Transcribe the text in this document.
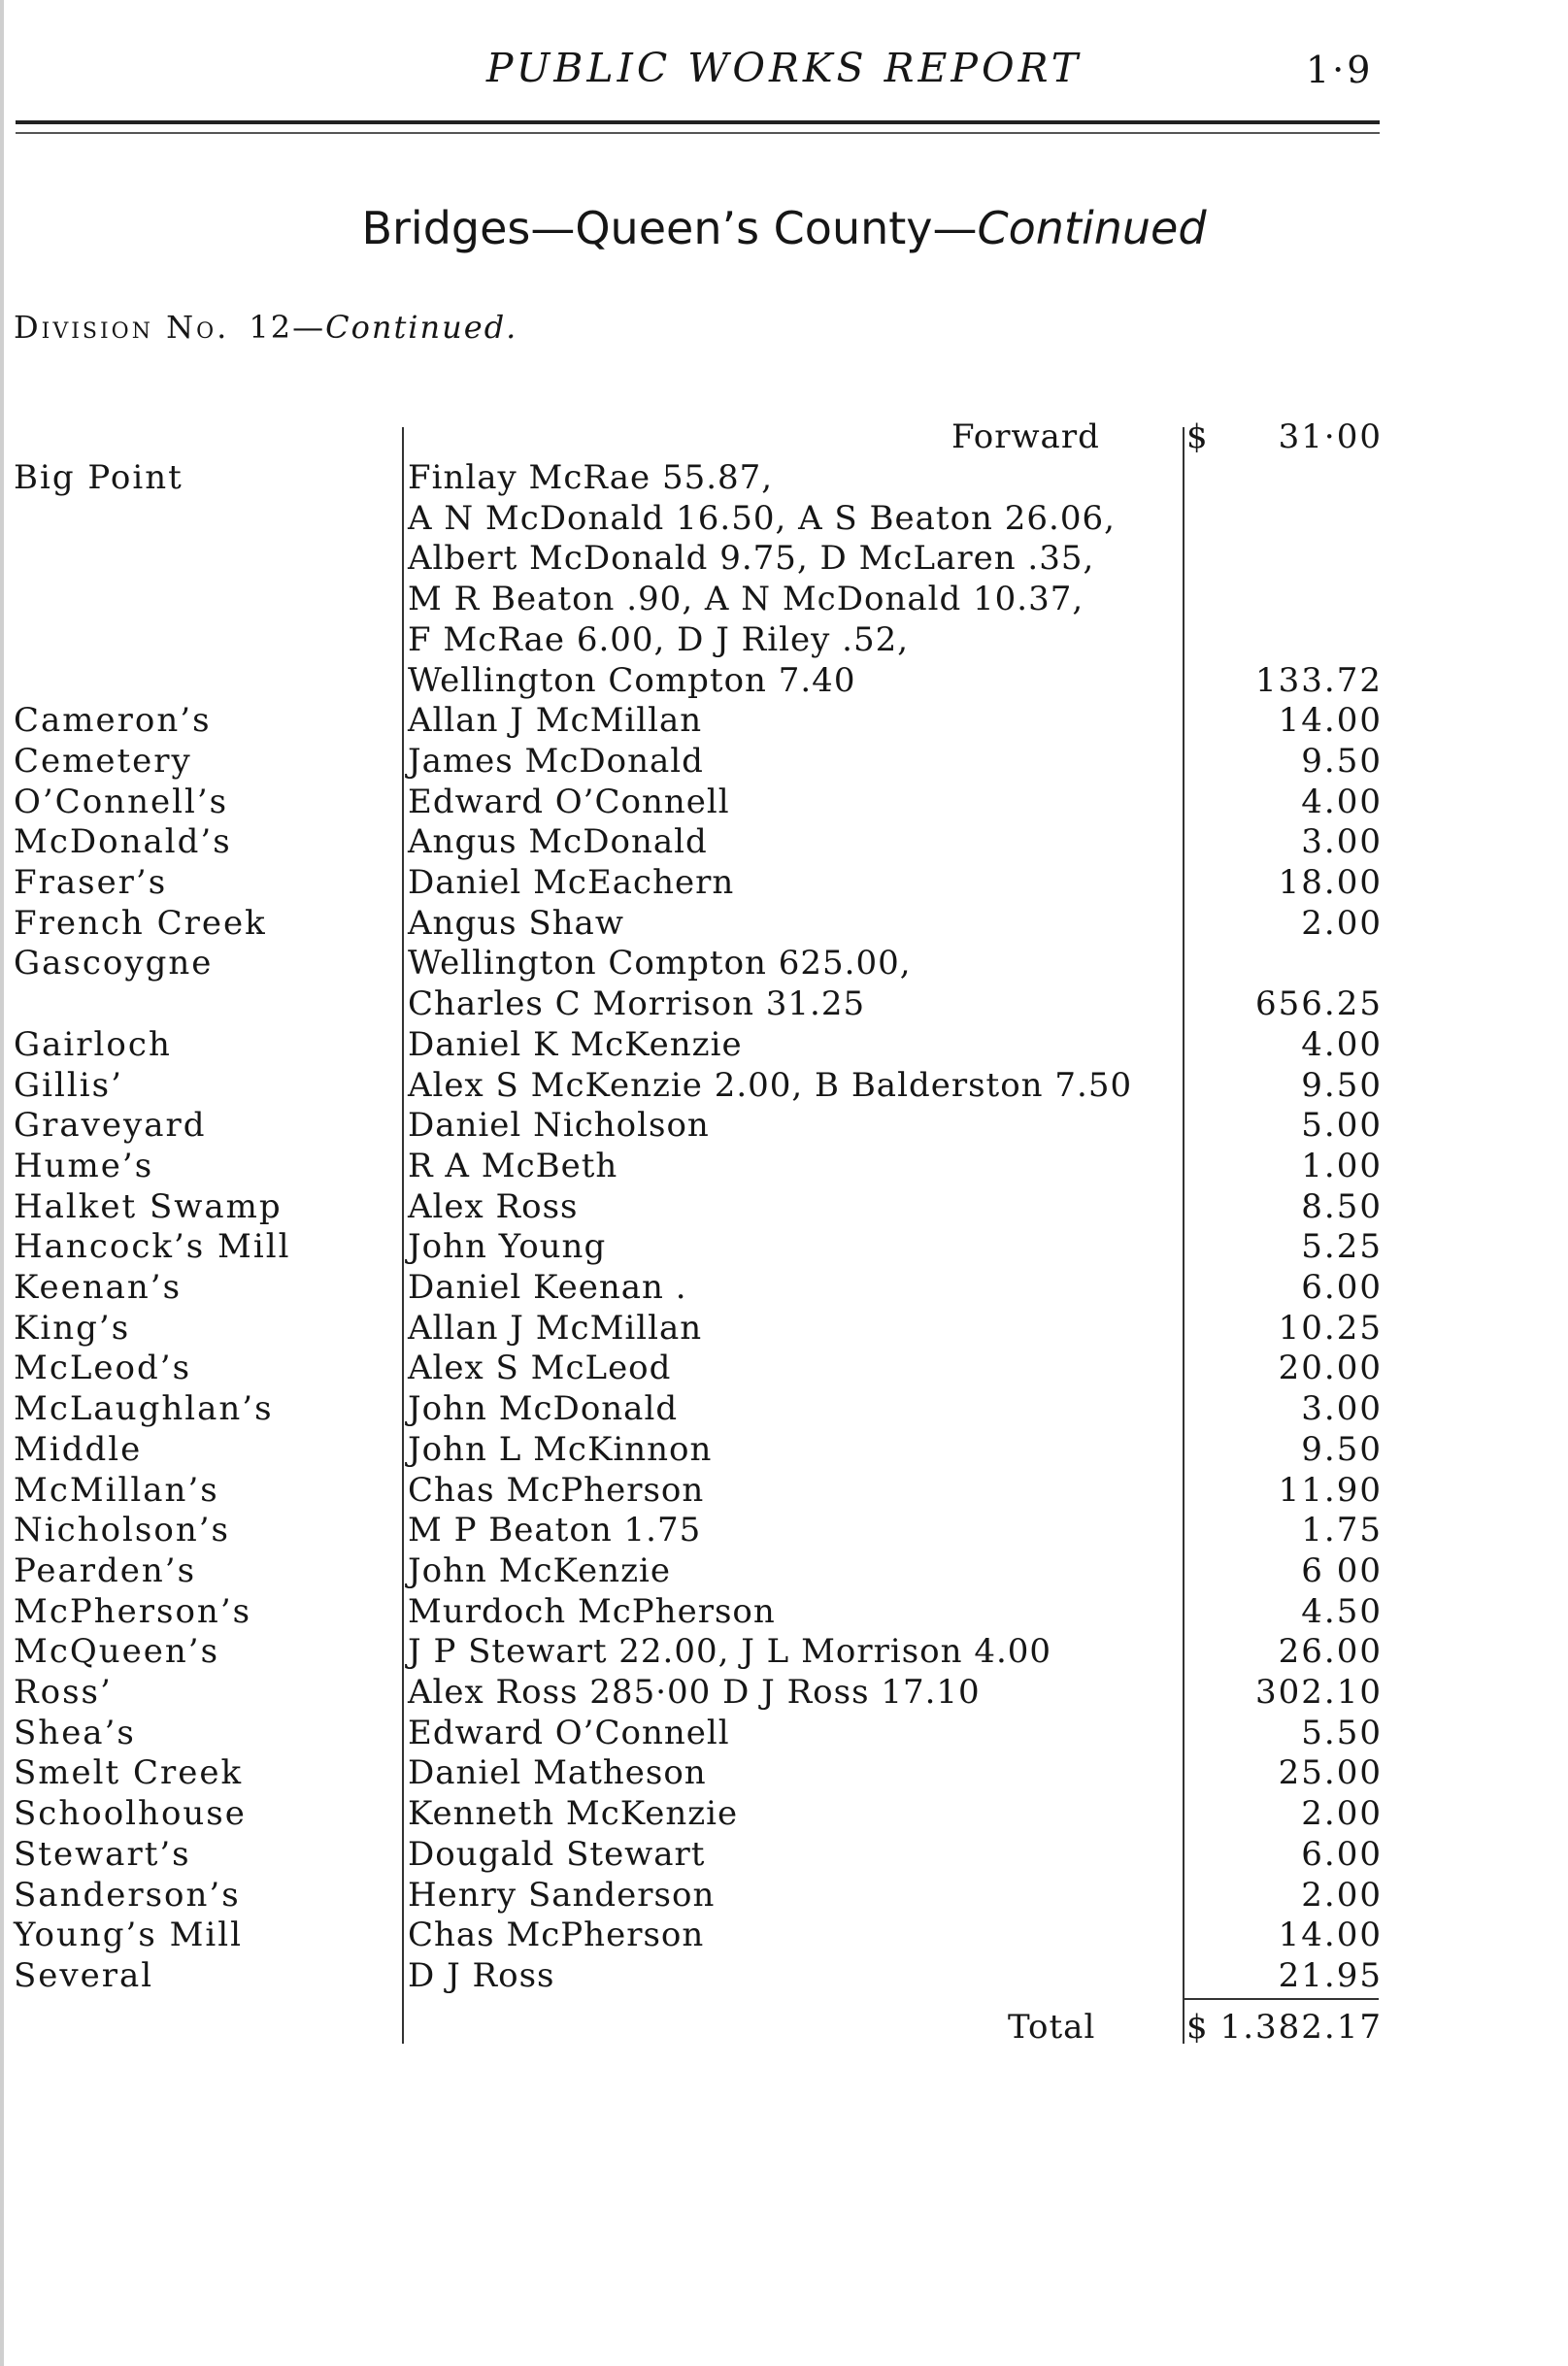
PUBLIC WORKS REPORT	1·9
Bridges—Queen’s County—Continued
Division No. 12—Continued.
Forward	$	31·00
Big Point	Finlay McRae 55.87,
A N McDonald 16.50, A S Beaton 26.06,
Albert McDonald 9.75, D McLaren .35,
M R Beaton .90, A N McDonald 10.37,
F McRae 6.00, D J Riley .52,
Wellington Compton 7.40	133.72
Cameron’s	Allan J McMillan	14.00
Cemetery	James McDonald	9.50
O’Connell’s	Edward O’Connell	4.00
McDonald’s	Angus McDonald	3.00
Fraser’s	Daniel McEachern	18.00
French Creek	Angus Shaw	2.00
Gascoygne	Wellington Compton 625.00,
Charles C Morrison 31.25	656.25
Gairloch	Daniel K McKenzie	4.00
Gillis’	Alex S McKenzie 2.00, B Balderston 7.50	9.50
Graveyard	Daniel Nicholson	5.00
Hume’s	R A McBeth	1.00
Halket Swamp	Alex Ross	8.50
Hancock’s Mill	John Young	5.25
Keenan’s	Daniel Keenan .	6.00
King’s	Allan J McMillan	10.25
McLeod’s	Alex S McLeod	20.00
McLaughlan’s	John McDonald	3.00
Middle	John L McKinnon	9.50
McMillan’s	Chas McPherson	11.90
Nicholson’s	M P Beaton 1.75	1.75
Pearden’s	John McKenzie	6 00
McPherson’s	Murdoch McPherson	4.50
McQueen’s	J P Stewart 22.00, J L Morrison 4.00	26.00
Ross’	Alex Ross 285·00 D J Ross 17.10	302.10
Shea’s	Edward O’Connell	5.50
Smelt Creek	Daniel Matheson	25.00
Schoolhouse	Kenneth McKenzie	2.00
Stewart’s	Dougald Stewart	6.00
Sanderson’s	Henry Sanderson	2.00
Young’s Mill	Chas McPherson	14.00
Several	D J Ross	21.95
Total	$ 1.382.17
